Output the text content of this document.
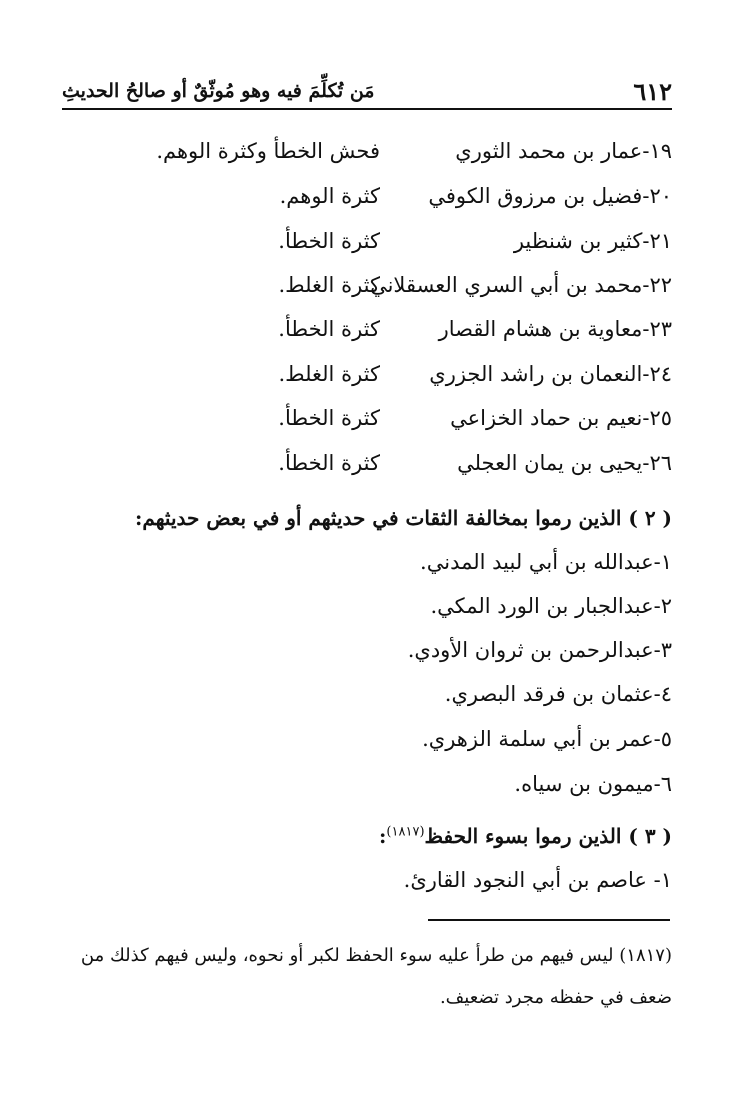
٦١٢
مَن تُكلِّمَ فيه وهو مُوثّقٌ أو صالحُ الحديثِ
١٩-عمار بن محمد الثوري
فحش الخطأ وكثرة الوهم.
٢٠-فضيل بن مرزوق الكوفي
كثرة الوهم.
٢١-كثير بن شنظير
كثرة الخطأ.
٢٢-محمد بن أبي السري العسقلاني
كثرة الغلط.
٢٣-معاوية بن هشام القصار
كثرة الخطأ.
٢٤-النعمان بن راشد الجزري
كثرة الغلط.
٢٥-نعيم بن حماد الخزاعي
كثرة الخطأ.
٢٦-يحيى بن يمان العجلي
كثرة الخطأ.
( ٢ ) الذين رموا بمخالفة الثقات في حديثهم أو في بعض حديثهم:
١-عبدالله بن أبي لبيد المدني.
٢-عبدالجبار بن الورد المكي.
٣-عبدالرحمن بن ثروان الأودي.
٤-عثمان بن فرقد البصري.
٥-عمر بن أبي سلمة الزهري.
٦-ميمون بن سياه.
( ٣ ) الذين رموا بسوء الحفظ$^{(١٨١٧)}$:
١- عاصم بن أبي النجود القارئ.
(١٨١٧) ليس فيهم من طرأ عليه سوء الحفظ لكبر أو نحوه، وليس فيهم كذلك من
ضعف في حفظه مجرد تضعيف.
